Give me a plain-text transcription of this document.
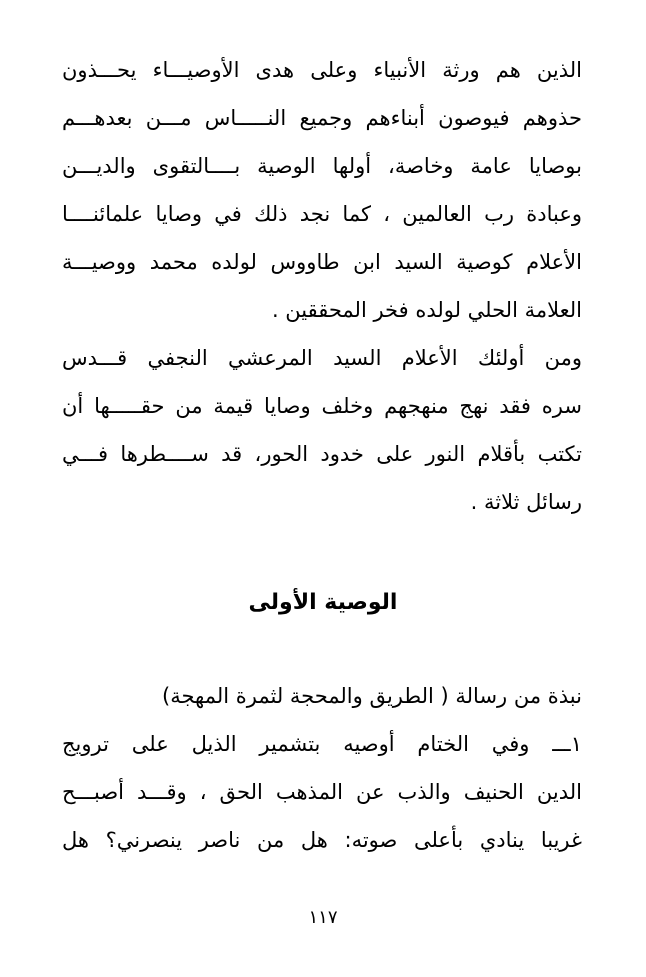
الذين هم ورثة الأنبياء وعلى هدى الأوصيـــاء يحـــذون
حذوهم فيوصون أبناءهم وجميع النـــــاس مـــن بعدهـــم
بوصايا عامة وخاصة، أولها الوصية بــــالتقوى والديـــن
وعبادة رب العالمين ، كما نجد ذلك في وصايا علمائنــــا
الأعلام كوصية السيد ابن طاووس لولده محمد ووصيـــة
العلامة الحلي لولده فخر المحققين .
ومن أولئك الأعلام السيد المرعشي النجفي قـــدس
سره فقد نهج منهجهم وخلف وصايا قيمة من حقـــــها أن
تكتب بأقلام النور على خدود الحور، قد ســــطرها فـــي
رسائل ثلاثة .
الوصية الأولى
نبذة من رسالة ( الطريق والمحجة لثمرة المهجة)
١ـــ وفي الختام أوصيه بتشمير الذيل على ترويج
الدين الحنيف والذب عن المذهب الحق ، وقـــد أصبـــح
غريبا ينادي بأعلى صوته: هل من ناصر ينصرني؟ هل
١١٧
